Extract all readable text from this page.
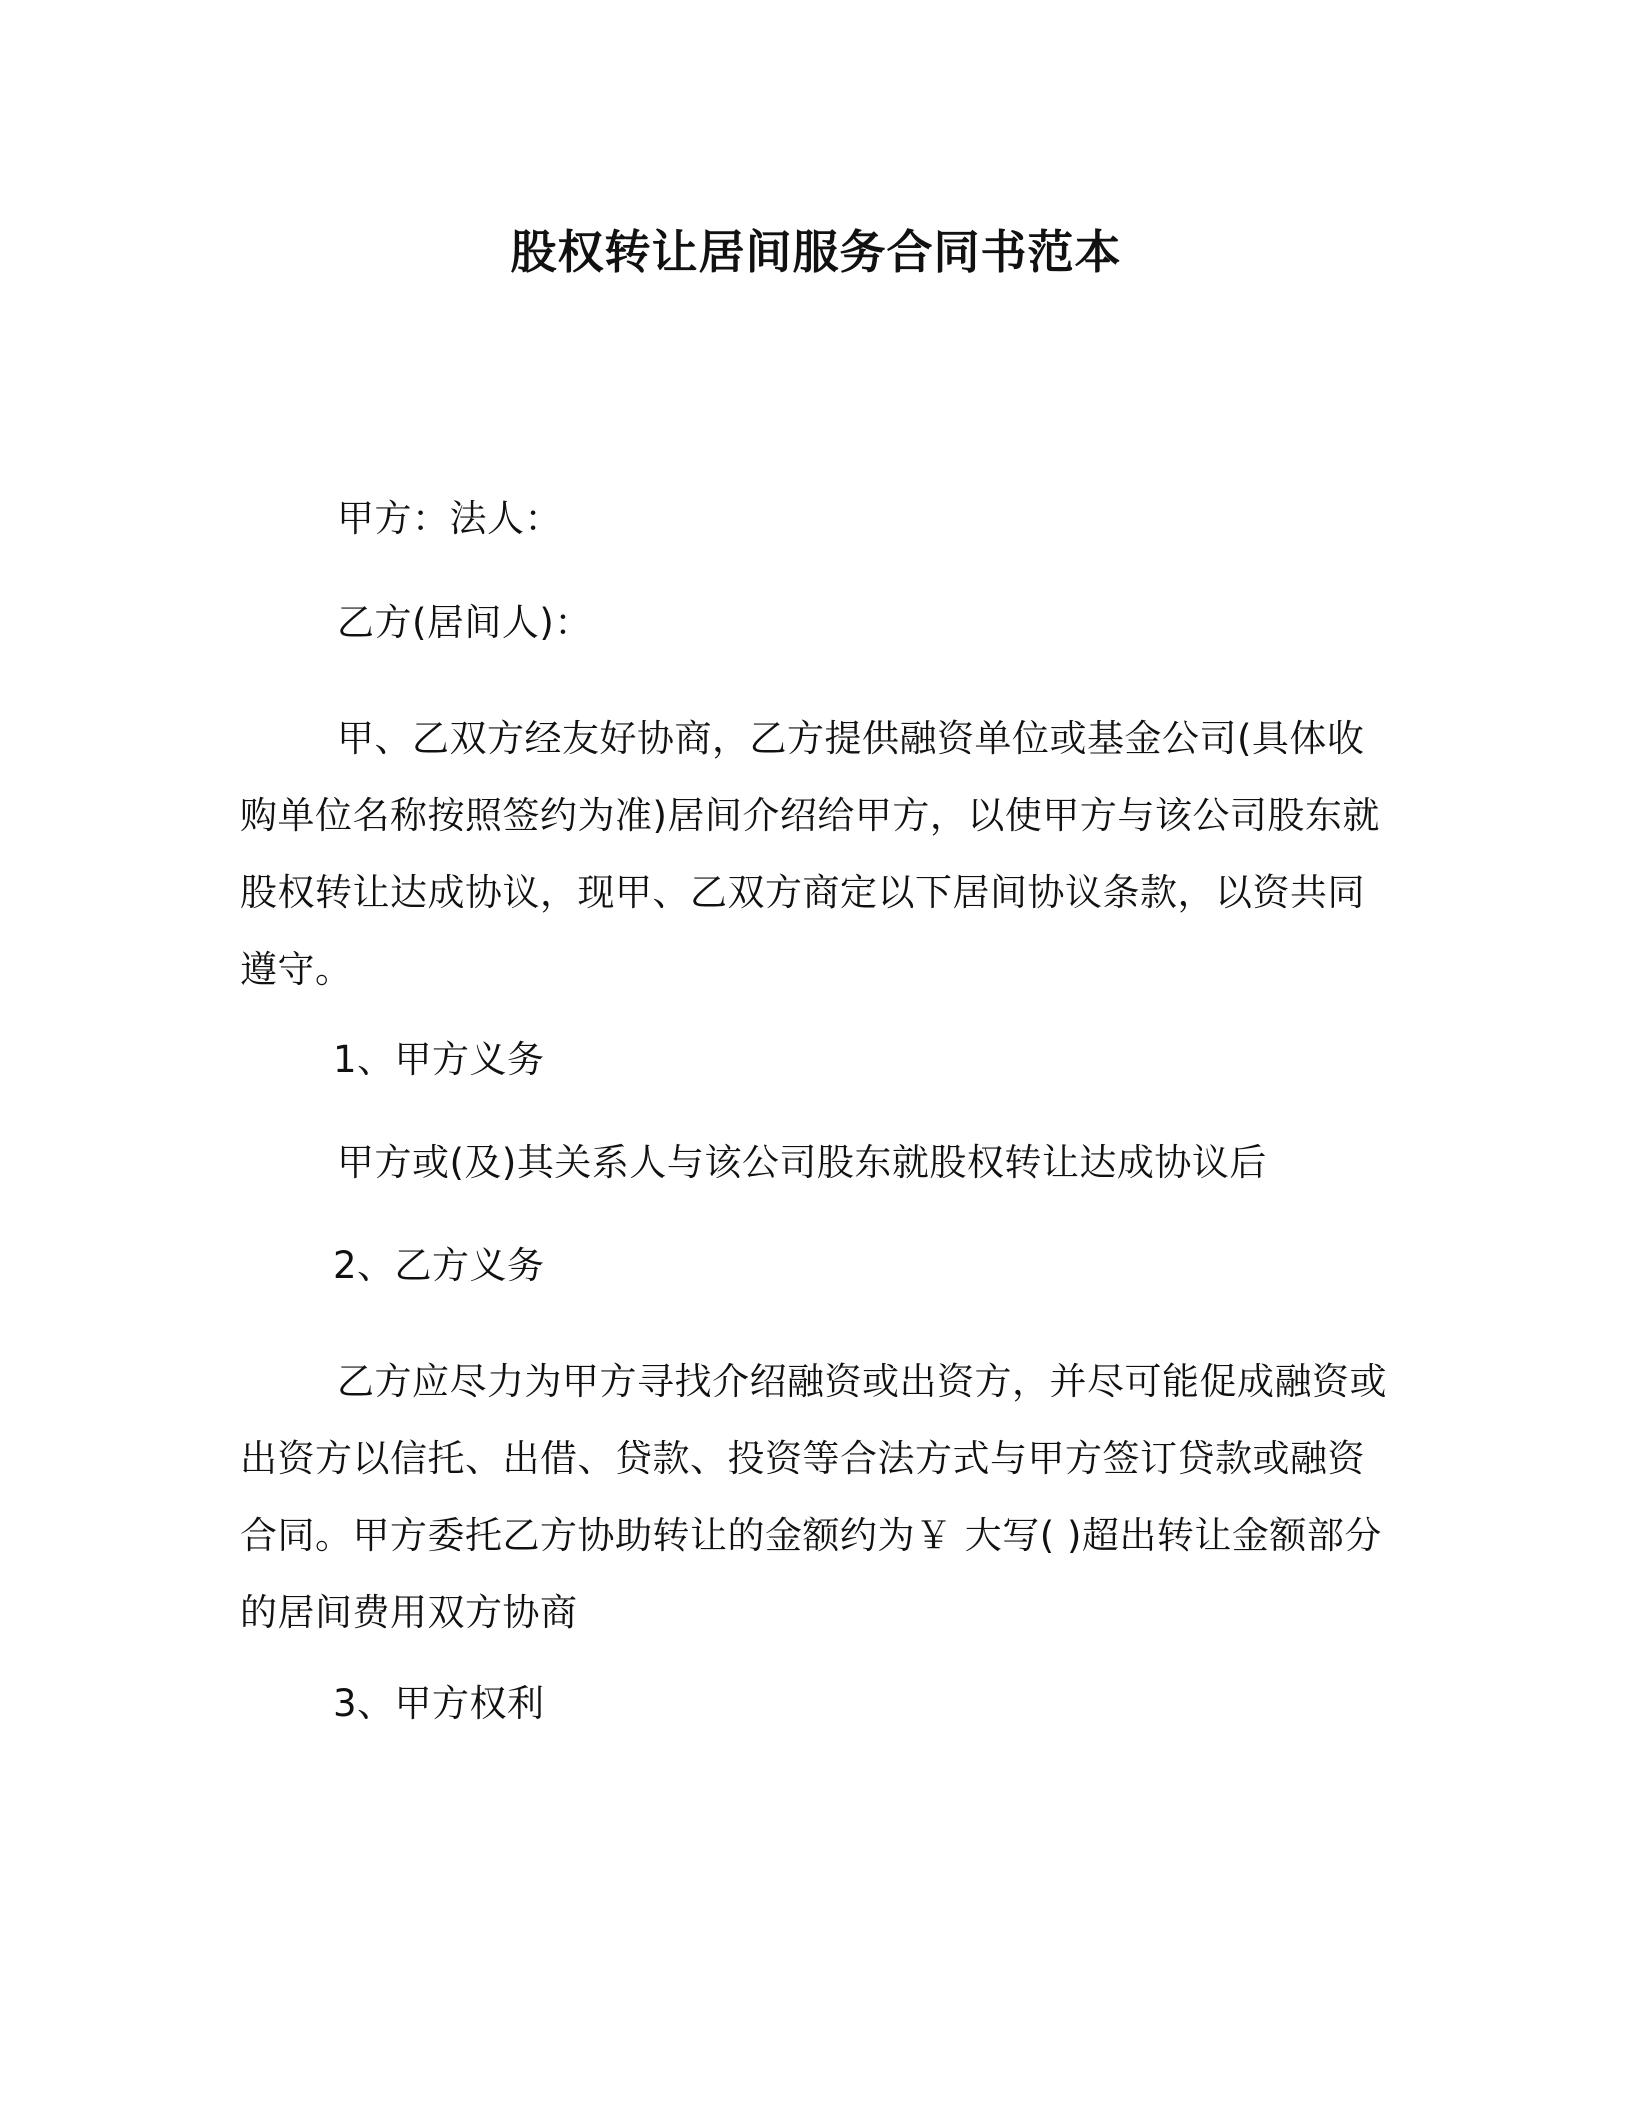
股权转让居间服务合同书范本
甲方：法人：
乙方(居间人)：
甲、乙双方经友好协商，乙方提供融资单位或基金公司(具体收
购单位名称按照签约为准)居间介绍给甲方，以使甲方与该公司股东就
股权转让达成协议，现甲、乙双方商定以下居间协议条款，以资共同
遵守。
1、甲方义务
甲方或(及)其关系人与该公司股东就股权转让达成协议后
2、乙方义务
乙方应尽力为甲方寻找介绍融资或出资方，并尽可能促成融资或
出资方以信托、出借、贷款、投资等合法方式与甲方签订贷款或融资
合同。甲方委托乙方协助转让的金额约为￥ 大写( )超出转让金额部分
的居间费用双方协商
3、甲方权利
